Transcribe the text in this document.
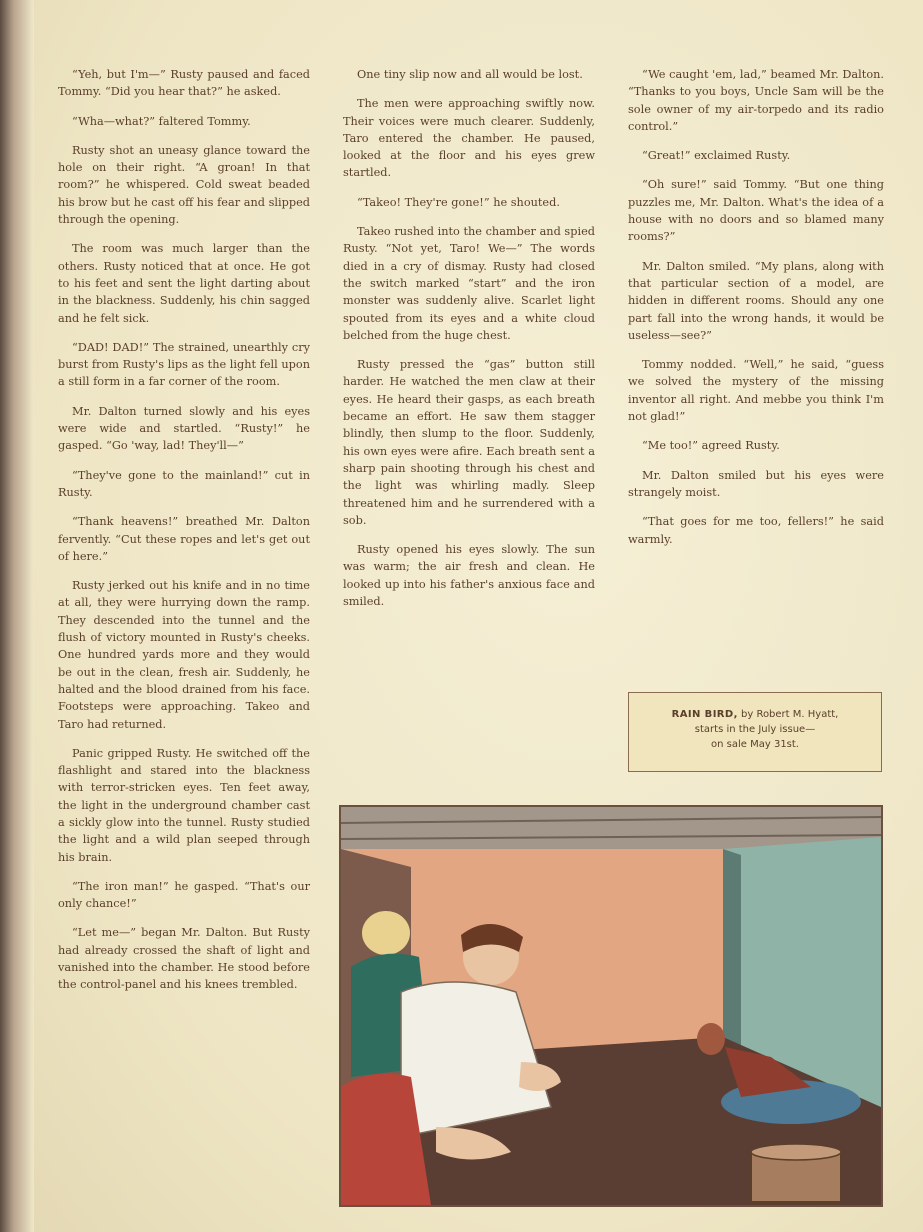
“Yeh, but I'm—” Rusty paused and faced Tommy. “Did you hear that?” he asked.

“Wha—what?” faltered Tommy.

Rusty shot an uneasy glance toward the hole on their right. “A groan! In that room?” he whispered. Cold sweat beaded his brow but he cast off his fear and slipped through the opening.

The room was much larger than the others. Rusty noticed that at once. He got to his feet and sent the light darting about in the blackness. Suddenly, his chin sagged and he felt sick.

“DAD! DAD!” The strained, unearthly cry burst from Rusty's lips as the light fell upon a still form in a far corner of the room.

Mr. Dalton turned slowly and his eyes were wide and startled. “Rusty!” he gasped. “Go 'way, lad! They'll—”

“They've gone to the mainland!” cut in Rusty.

“Thank heavens!” breathed Mr. Dalton fervently. “Cut these ropes and let's get out of here.”

Rusty jerked out his knife and in no time at all, they were hurrying down the ramp. They descended into the tunnel and the flush of victory mounted in Rusty's cheeks. One hundred yards more and they would be out in the clean, fresh air. Suddenly, he halted and the blood drained from his face. Footsteps were approaching. Takeo and Taro had returned.

Panic gripped Rusty. He switched off the flashlight and stared into the blackness with terror-stricken eyes. Ten feet away, the light in the underground chamber cast a sickly glow into the tunnel. Rusty studied the light and a wild plan seeped through his brain.

“The iron man!” he gasped. “That's our only chance!”

“Let me—” began Mr. Dalton. But Rusty had already crossed the shaft of light and vanished into the chamber. He stood before the control-panel and his knees trembled.

One tiny slip now and all would be lost.

The men were approaching swiftly now. Their voices were much clearer. Suddenly, Taro entered the chamber. He paused, looked at the floor and his eyes grew startled.

“Takeo! They're gone!” he shouted.

Takeo rushed into the chamber and spied Rusty. “Not yet, Taro! We—” The words died in a cry of dismay. Rusty had closed the switch marked “start” and the iron monster was suddenly alive. Scarlet light spouted from its eyes and a white cloud belched from the huge chest.

Rusty pressed the “gas” button still harder. He watched the men claw at their eyes. He heard their gasps, as each breath became an effort. He saw them stagger blindly, then slump to the floor. Suddenly, his own eyes were afire. Each breath sent a sharp pain shooting through his chest and the light was whirling madly. Sleep threatened him and he surrendered with a sob.

Rusty opened his eyes slowly. The sun was warm; the air fresh and clean. He looked up into his father's anxious face and smiled.

“We caught 'em, lad,” beamed Mr. Dalton. “Thanks to you boys, Uncle Sam will be the sole owner of my air-torpedo and its radio control.”

“Great!” exclaimed Rusty.

“Oh sure!” said Tommy. “But one thing puzzles me, Mr. Dalton. What's the idea of a house with no doors and so blamed many rooms?”

Mr. Dalton smiled. “My plans, along with that particular section of a model, are hidden in different rooms. Should any one part fall into the wrong hands, it would be useless—see?”

Tommy nodded. “Well,” he said, “guess we solved the mystery of the missing inventor all right. And mebbe you think I'm not glad!”

“Me too!” agreed Rusty.

Mr. Dalton smiled but his eyes were strangely moist.

“That goes for me too, fellers!” he said warmly.

RAIN BIRD, by Robert M. Hyatt,
starts in the July issue—
on sale May 31st.
